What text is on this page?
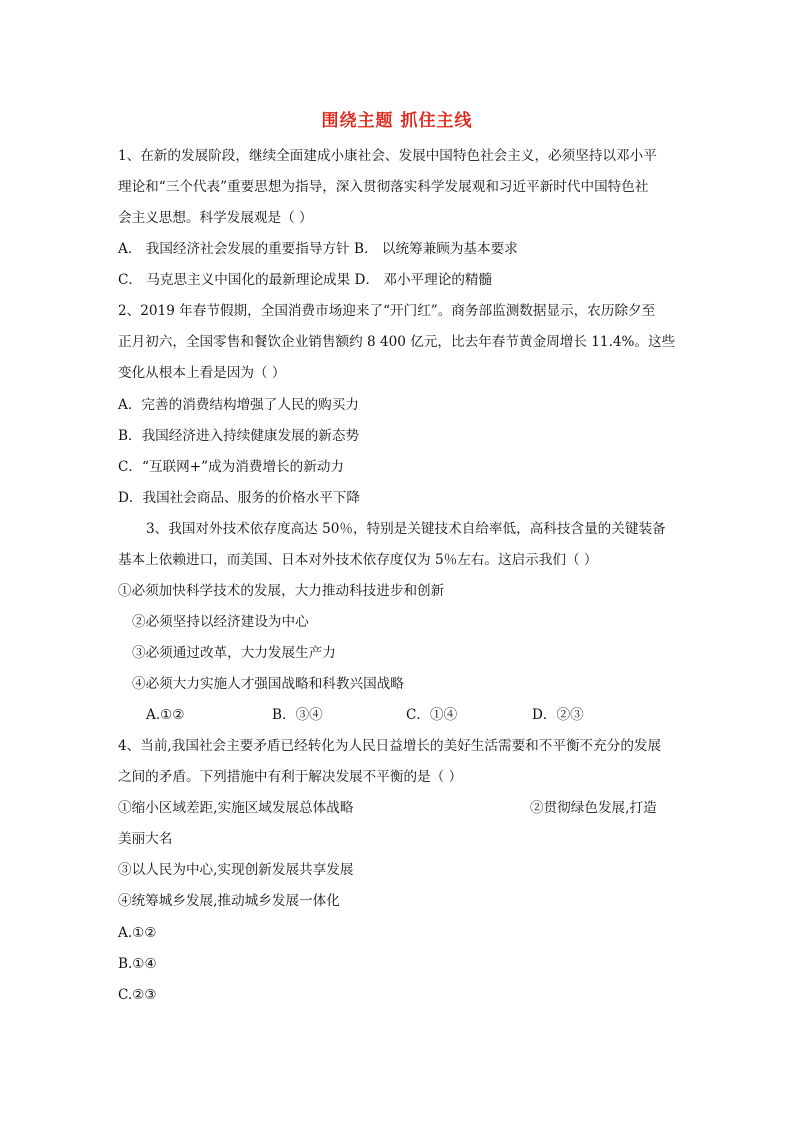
围绕主题 抓住主线
1、在新的发展阶段，继续全面建成小康社会、发展中国特色社会主义，必须坚持以邓小平
理论和“三个代表”重要思想为指导，深入贯彻落实科学发展观和习近平新时代中国特色社
会主义思想。科学发展观是（ ）
A． 我国经济社会发展的重要指导方针 B． 以统筹兼顾为基本要求
C． 马克思主义中国化的最新理论成果 D． 邓小平理论的精髓
2、2019 年春节假期，全国消费市场迎来了“开门红”。商务部监测数据显示，农历除夕至
正月初六，全国零售和餐饮企业销售额约 8 400 亿元，比去年春节黄金周增长 11.4%。这些
变化从根本上看是因为（ ）
A．完善的消费结构增强了人民的购买力
B．我国经济进入持续健康发展的新态势
C．“互联网+”成为消费增长的新动力
D．我国社会商品、服务的价格水平下降
3、我国对外技术依存度高达 50％，特别是关键技术自给率低，高科技含量的关键装备
基本上依赖进口，而美国、日本对外技术依存度仅为 5％左右。这启示我们（ ）
①必须加快科学技术的发展，大力推动科技进步和创新
②必须坚持以经济建设为中心
③必须通过改革，大力发展生产力
④必须大力实施人才强国战略和科教兴国战略
A.①②	B．③④	C．①④	D．②③
4、当前,我国社会主要矛盾已经转化为人民日益增长的美好生活需要和不平衡不充分的发展
之间的矛盾。下列措施中有利于解决发展不平衡的是（ ）
①缩小区域差距,实施区域发展总体战略	②贯彻绿色发展,打造
美丽大名
③以人民为中心,实现创新发展共享发展
④统筹城乡发展,推动城乡发展一体化
A.①②
B.①④
C.②③
